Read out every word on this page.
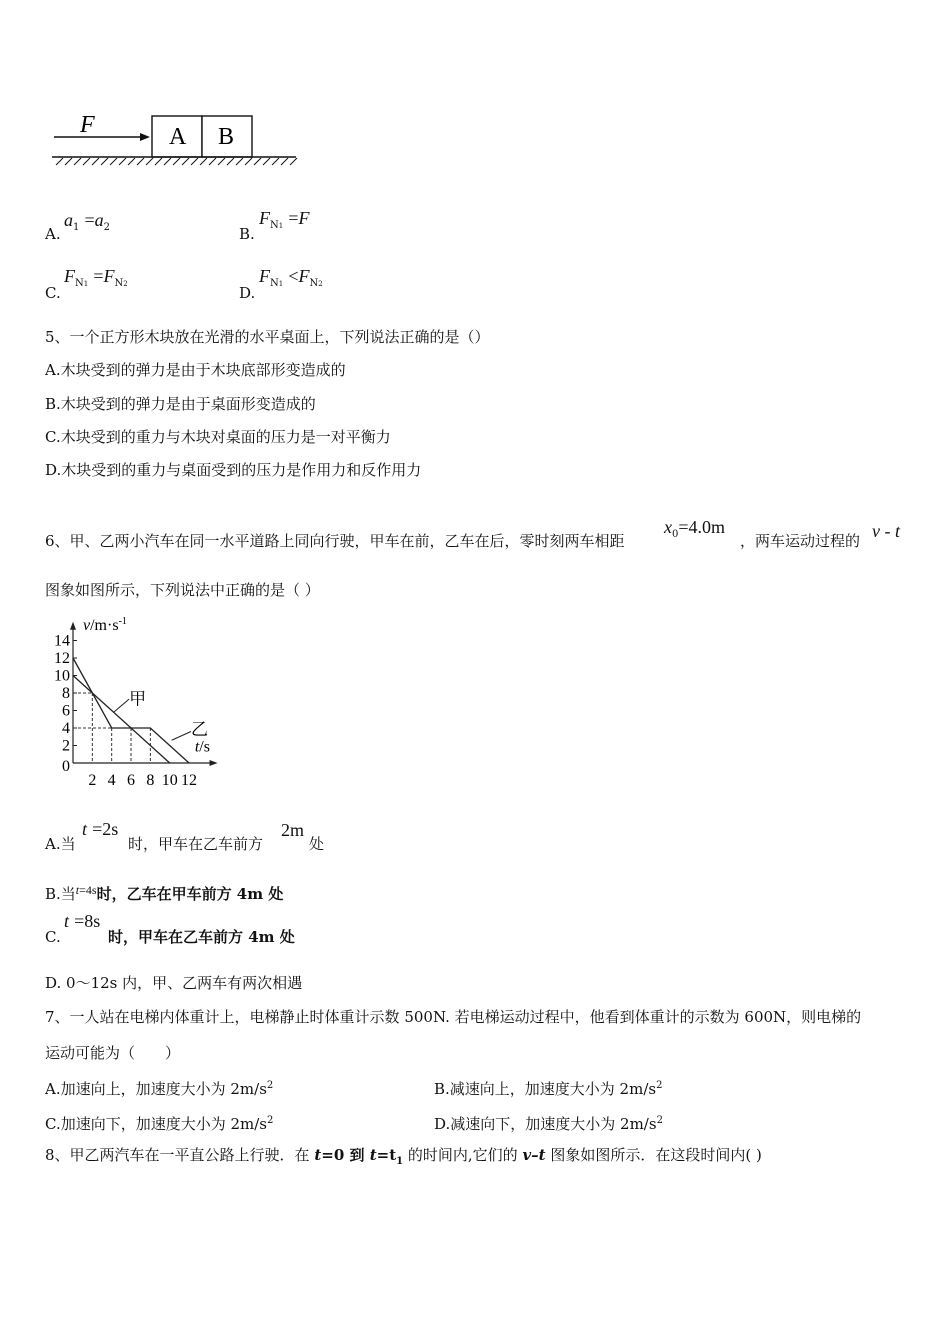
F	A B
A.
$a_1 =a_2$	B.
$F_{N1} =F$
C.
$F_{N1} =F_{N2}$	D.
$F_{N1} <F_{N2}$
5、一个正方形木块放在光滑的水平桌面上，下列说法正确的是（）
A.木块受到的弹力是由于木块底部形变造成的
B.木块受到的弹力是由于桌面形变造成的
C.木块受到的重力与木块对桌面的压力是一对平衡力
D.木块受到的重力与桌面受到的压力是作用力和反作用力
6、甲、乙两小汽车在同一水平道路上同向行驶，甲车在前，乙车在后，零时刻两车相距
$x_0=4.0m$
，两车运动过程的 v - t
图象如图所示，下列说法中正确的是（ ）
甲
乙
2
4
6
8
10
12
14
0
2 4 6 8 10 12
$v/m\cdot s^{-1}$
t/s
A.当
t =2s
时，甲车在乙车前方
2m
处
B.当$^{t=4s}$时，乙车在甲车前方 4m 处
C.
t =8s
时，甲车在乙车前方 4m 处
D. 0～12s 内，甲、乙两车有两次相遇
7、一人站在电梯内体重计上，电梯静止时体重计示数 500N. 若电梯运动过程中，他看到体重计的示数为 600N，则电梯的
运动可能为（　　）
A.加速向上，加速度大小为 $2m/s^2$	B.减速向上，加速度大小为 $2m/s^2$
C.加速向下，加速度大小为 $2m/s^2$	D.减速向下，加速度大小为 $2m/s^2$
8、甲乙两汽车在一平直公路上行驶．在 t=0 到 $t=t_1$ 的时间内,它们的 v–t 图象如图所示．在这段时间内( )
